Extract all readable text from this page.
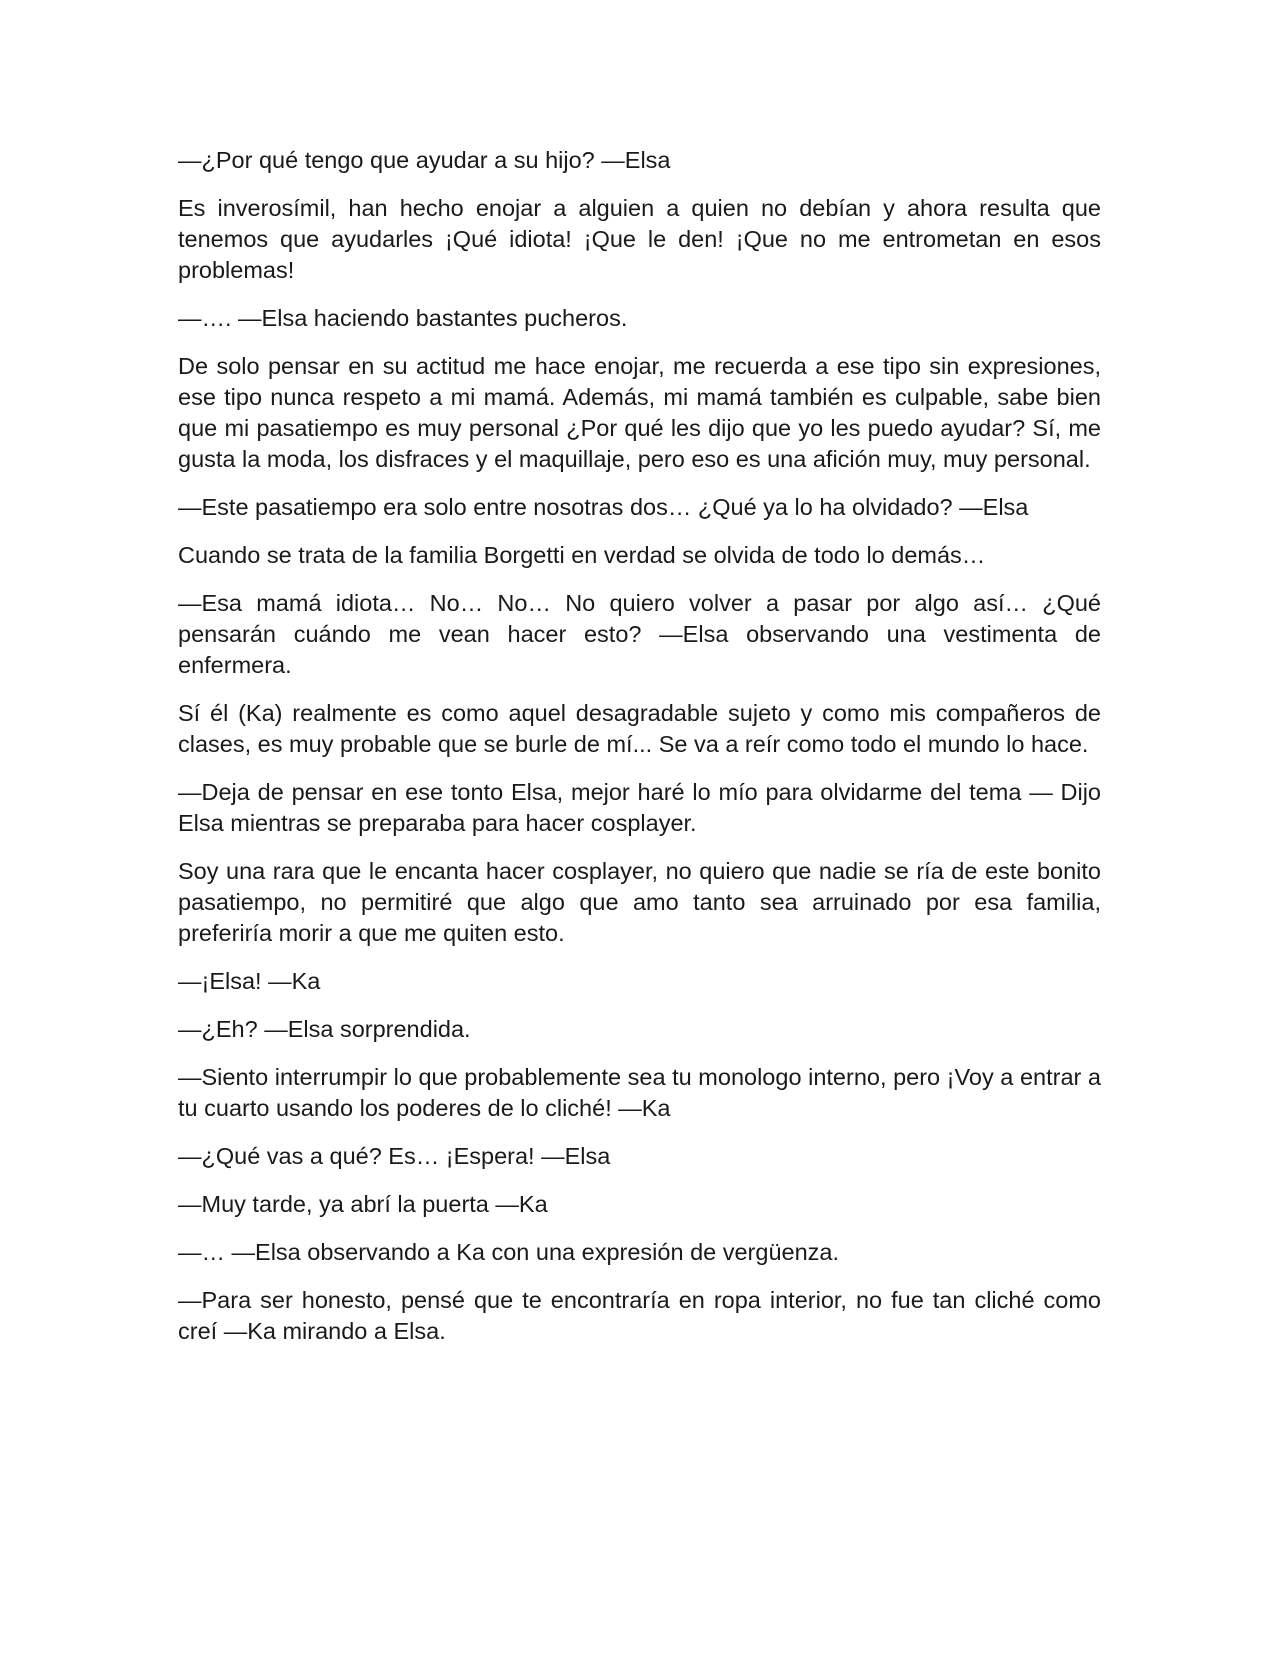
—¿Por qué tengo que ayudar a su hijo? —Elsa

Es inverosímil, han hecho enojar a alguien a quien no debían y ahora resulta que tenemos que ayudarles ¡Qué idiota! ¡Que le den! ¡Que no me entrometan en esos problemas!

—…. —Elsa haciendo bastantes pucheros.

De solo pensar en su actitud me hace enojar, me recuerda a ese tipo sin expresiones, ese tipo nunca respeto a mi mamá. Además, mi mamá también es culpable, sabe bien que mi pasatiempo es muy personal ¿Por qué les dijo que yo les puedo ayudar? Sí, me gusta la moda, los disfraces y el maquillaje, pero eso es una afición muy, muy personal.

—Este pasatiempo era solo entre nosotras dos… ¿Qué ya lo ha olvidado? —Elsa

Cuando se trata de la familia Borgetti en verdad se olvida de todo lo demás…

—Esa mamá idiota… No… No… No quiero volver a pasar por algo así… ¿Qué pensarán cuándo me vean hacer esto? —Elsa observando una vestimenta de enfermera.

Sí él (Ka) realmente es como aquel desagradable sujeto y como mis compañeros de clases, es muy probable que se burle de mí... Se va a reír como todo el mundo lo hace.

—Deja de pensar en ese tonto Elsa, mejor haré lo mío para olvidarme del tema — Dijo Elsa mientras se preparaba para hacer cosplayer.

Soy una rara que le encanta hacer cosplayer, no quiero que nadie se ría de este bonito pasatiempo, no permitiré que algo que amo tanto sea arruinado por esa familia, preferiría morir a que me quiten esto.

—¡Elsa! —Ka

—¿Eh? —Elsa sorprendida.

—Siento interrumpir lo que probablemente sea tu monologo interno, pero ¡Voy a entrar a tu cuarto usando los poderes de lo cliché! —Ka

—¿Qué vas a qué? Es… ¡Espera! —Elsa

—Muy tarde, ya abrí la puerta —Ka

—… —Elsa observando a Ka con una expresión de vergüenza.

—Para ser honesto, pensé que te encontraría en ropa interior, no fue tan cliché como creí —Ka mirando a Elsa.
